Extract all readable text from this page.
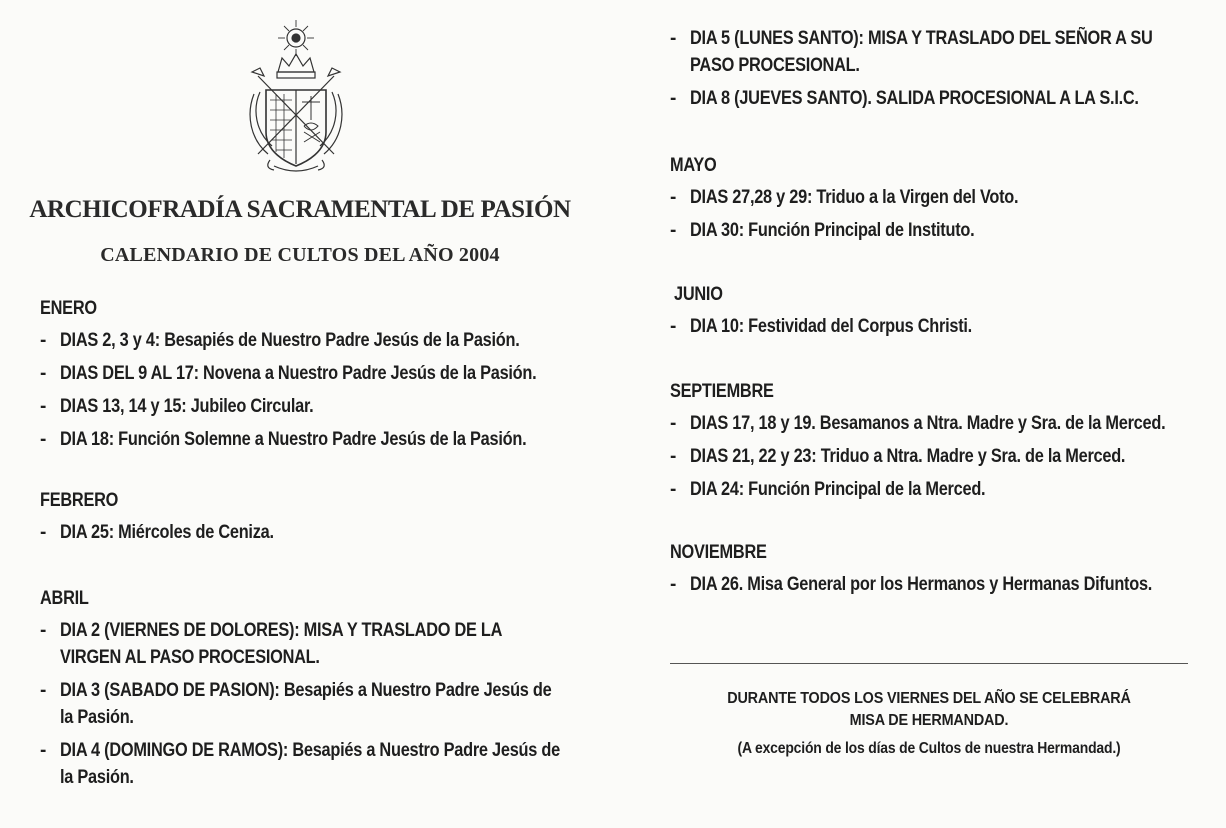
ARCHICOFRADÍA SACRAMENTAL DE PASIÓN
CALENDARIO DE CULTOS DEL AÑO 2004
ENERO
- DIAS 2, 3 y 4: Besapiés de Nuestro Padre Jesús de la Pasión.
- DIAS DEL 9 AL 17: Novena a Nuestro Padre Jesús de la Pasión.
- DIAS 13, 14 y 15: Jubileo Circular.
- DIA 18: Función Solemne a Nuestro Padre Jesús de la Pasión.
FEBRERO
- DIA 25: Miércoles de Ceniza.
ABRIL
- DIA 2 (VIERNES DE DOLORES): MISA Y TRASLADO DE LA VIRGEN AL PASO PROCESIONAL.
- DIA 3 (SABADO DE PASION): Besapiés a Nuestro Padre Jesús de la Pasión.
- DIA 4 (DOMINGO DE RAMOS): Besapiés a Nuestro Padre Jesús de la Pasión.
- DIA 5 (LUNES SANTO): MISA Y TRASLADO DEL SEÑOR A SU PASO PROCESIONAL.
- DIA 8 (JUEVES SANTO). SALIDA PROCESIONAL A LA S.I.C.
MAYO
- DIAS 27,28 y 29: Triduo a la Virgen del Voto.
- DIA 30: Función Principal de Instituto.
JUNIO
- DIA 10: Festividad del Corpus Christi.
SEPTIEMBRE
- DIAS 17, 18 y 19. Besamanos a Ntra. Madre y Sra. de la Merced.
- DIAS 21, 22 y 23: Triduo a Ntra. Madre y Sra. de la Merced.
- DIA 24: Función Principal de la Merced.
NOVIEMBRE
- DIA 26. Misa General por los Hermanos y Hermanas Difuntos.
DURANTE TODOS LOS VIERNES DEL AÑO SE CELEBRARÁ
MISA DE HERMANDAD.
(A excepción de los días de Cultos de nuestra Hermandad.)
